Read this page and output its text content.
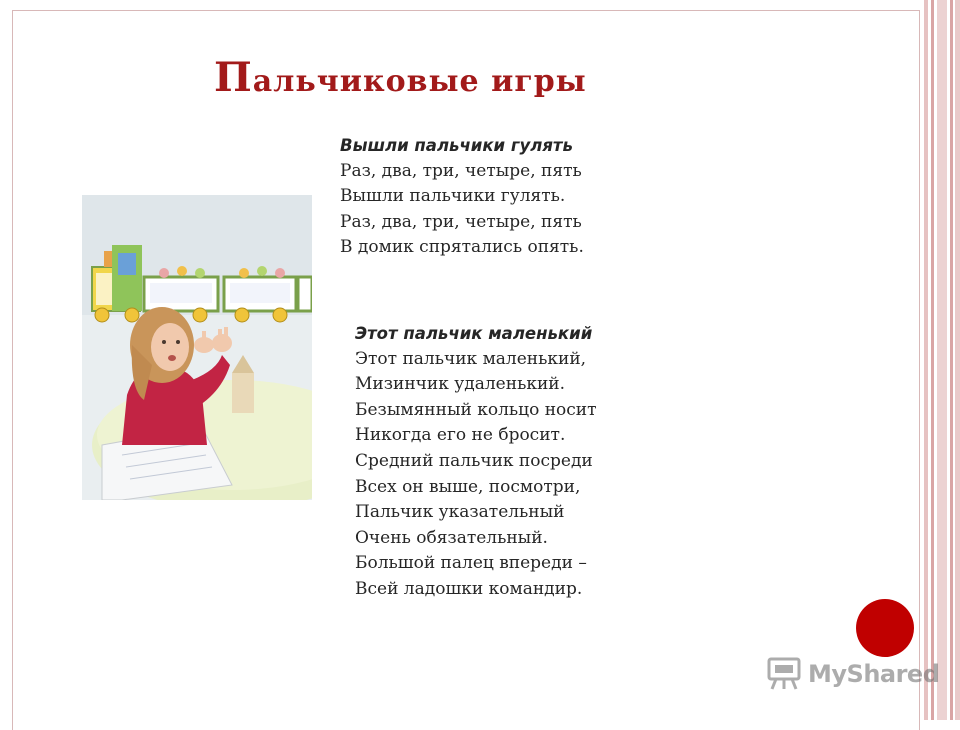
Пальчиковые игры
Вышли пальчики гулять
Раз, два, три, четыре, пять
Вышли пальчики гулять.
Раз, два, три, четыре, пять
В домик спрятались опять.
Этот пальчик маленький
Этот пальчик маленький,
Мизинчик удаленький.
Безымянный кольцо носит
Никогда его не бросит.
Средний пальчик посреди
Всех он выше, посмотри,
Пальчик указательный
Очень обязательный.
Большой палец впереди –
Всей ладошки командир.
MyShared
